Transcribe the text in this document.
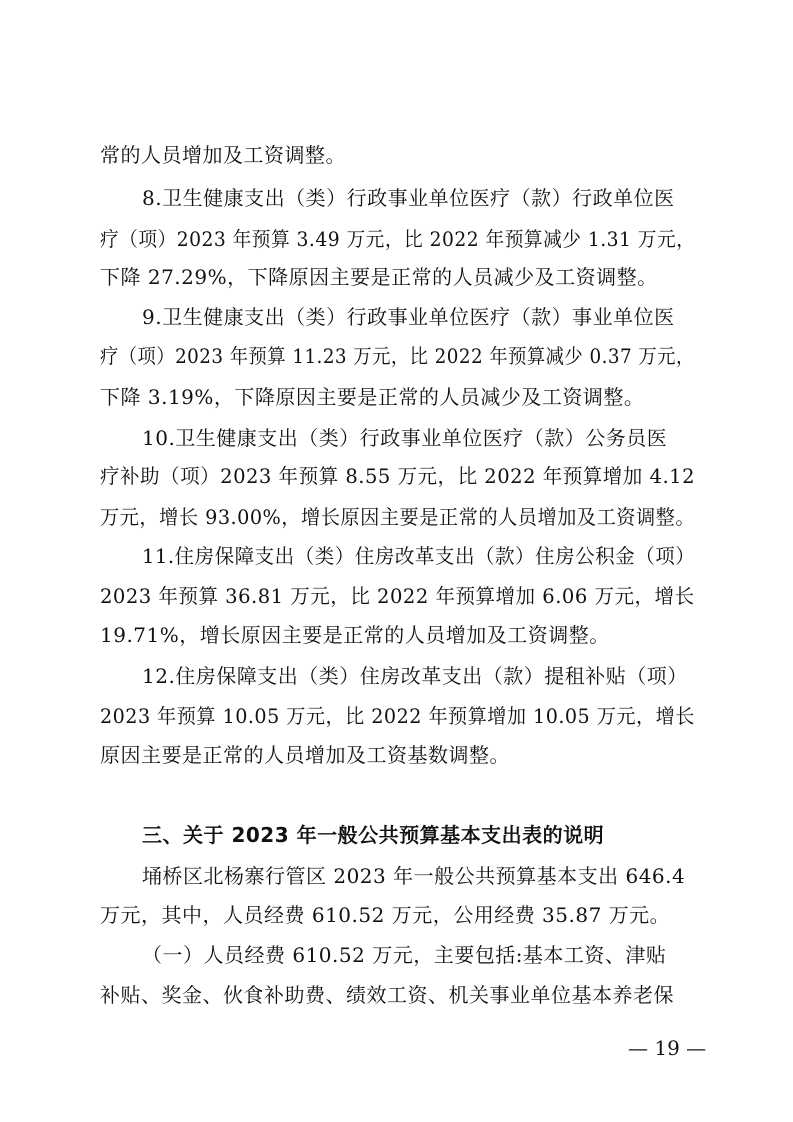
常的人员增加及工资调整。
8.卫生健康支出（类）行政事业单位医疗（款）行政单位医
疗（项）2023 年预算 3.49 万元，比 2022 年预算减少 1.31 万元，
下降 27.29%，下降原因主要是正常的人员减少及工资调整。
9.卫生健康支出（类）行政事业单位医疗（款）事业单位医
疗（项）2023 年预算 11.23 万元，比 2022 年预算减少 0.37 万元，
下降 3.19%，下降原因主要是正常的人员减少及工资调整。
10.卫生健康支出（类）行政事业单位医疗（款）公务员医
疗补助（项）2023 年预算 8.55 万元，比 2022 年预算增加 4.12
万元，增长 93.00%，增长原因主要是正常的人员增加及工资调整。
11.住房保障支出（类）住房改革支出（款）住房公积金（项）
2023 年预算 36.81 万元，比 2022 年预算增加 6.06 万元，增长
19.71%，增长原因主要是正常的人员增加及工资调整。
12.住房保障支出（类）住房改革支出（款）提租补贴（项）
2023 年预算 10.05 万元，比 2022 年预算增加 10.05 万元，增长
原因主要是正常的人员增加及工资基数调整。
三、关于 2023 年一般公共预算基本支出表的说明
埇桥区北杨寨行管区 2023 年一般公共预算基本支出 646.4
万元，其中，人员经费 610.52 万元，公用经费 35.87 万元。
（一）人员经费 610.52 万元，主要包括:基本工资、津贴
补贴、奖金、伙食补助费、绩效工资、机关事业单位基本养老保
— 19 —
